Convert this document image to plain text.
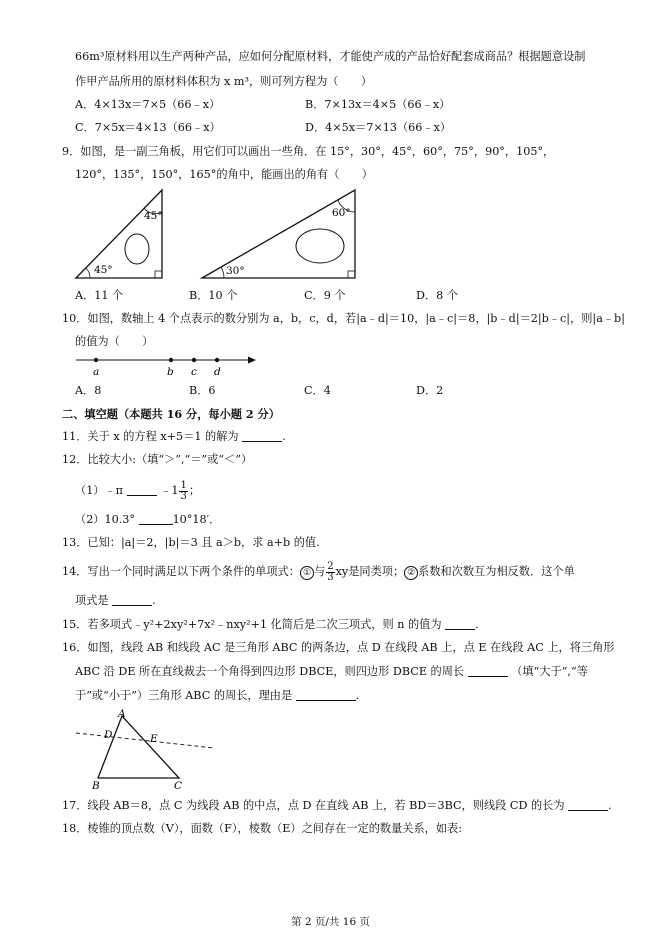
66m³原材料用以生产两种产品，应如何分配原材料，才能使产成的产品恰好配套成商品？根据题意设制
作甲产品所用的原材料体积为 x m³，则可列方程为（　　）
A．4×13x＝7×5（66﹣x）	B．7×13x＝4×5（66﹣x）
C．7×5x＝4×13（66﹣x）	D．4×5x＝7×13（66﹣x）
9．如图，是一副三角板，用它们可以画出一些角．在 15°，30°，45°，60°，75°，90°，105°，
120°，135°，150°，165°的角中，能画出的角有（　　）
45°
45°
60°
30°
A．11 个	B．10 个	C．9 个	D．8 个
10．如图，数轴上 4 个点表示的数分别为 a，b，c，d，若|a﹣d|＝10，|a﹣c|＝8，|b﹣d|＝2|b﹣c|，则|a﹣b|
的值为（　　）
a	b c d
A．8	B．6	C．4	D．2
二、填空题（本题共 16 分，每小题 2 分）
11．关于 x 的方程 x+5＝1 的解为	.
12．比较大小:（填“＞”,“＝”或“＜”）
（1）﹣π	﹣1 $\frac{1}{3}$ ；
（2）10.3°	10°18′．
13．已知：|a|＝2，|b|＝3 且 a＞b，求 a+b 的值.
14．写出一个同时满足以下两个条件的单项式： ① 与 $\frac{2}{3}$ xy是同类项； ② 系数和次数互为相反数．这个单
项式是	.
15．若多项式﹣y²+2xy²+7x²﹣nxy²+1 化简后是二次三项式，则 n 的值为	.
16．如图，线段 AB 和线段 AC 是三角形 ABC 的两条边，点 D 在线段 AB 上，点 E 在线段 AC 上，将三角形
ABC 沿 DE 所在直线裁去一个角得到四边形 DBCE，则四边形 DBCE 的周长	（填“大于”,“等
于”或“小于”）三角形 ABC 的周长，理由是	.
A
D	E
B	C
17．线段 AB＝8，点 C 为线段 AB 的中点，点 D 在直线 AB 上，若 BD＝3BC，则线段 CD 的长为	.
18．棱锥的顶点数（V），面数（F），棱数（E）之间存在一定的数量关系，如表:
第 2 页/共 16 页
